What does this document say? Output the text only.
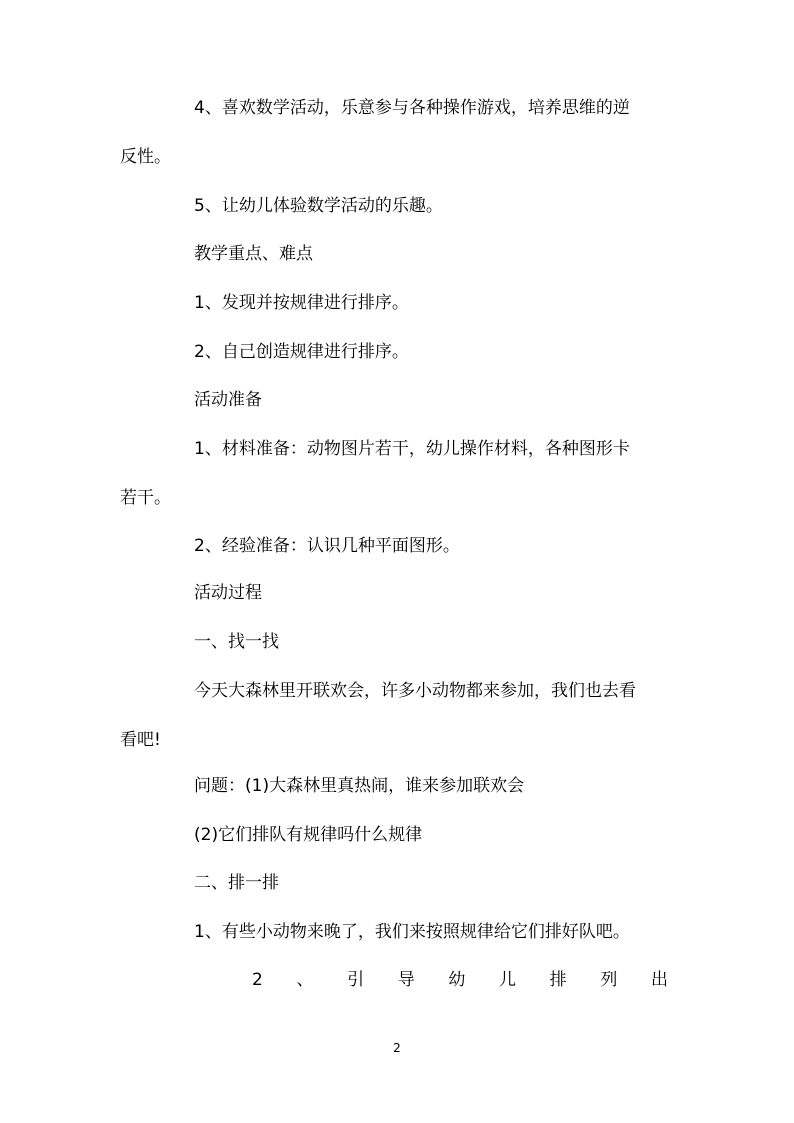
4、喜欢数学活动，乐意参与各种操作游戏，培养思维的逆
反性。
5、让幼儿体验数学活动的乐趣。
教学重点、难点
1、发现并按规律进行排序。
2、自己创造规律进行排序。
活动准备
1、材料准备：动物图片若干，幼儿操作材料，各种图形卡
若干。
2、经验准备：认识几种平面图形。
活动过程
一、找一找
今天大森林里开联欢会，许多小动物都来参加，我们也去看
看吧!
问题：(1)大森林里真热闹，谁来参加联欢会
(2)它们排队有规律吗什么规律
二、排一排
1、有些小动物来晚了，我们来按照规律给它们排好队吧。
2 、 引 导 幼 儿 排 列 出
2
